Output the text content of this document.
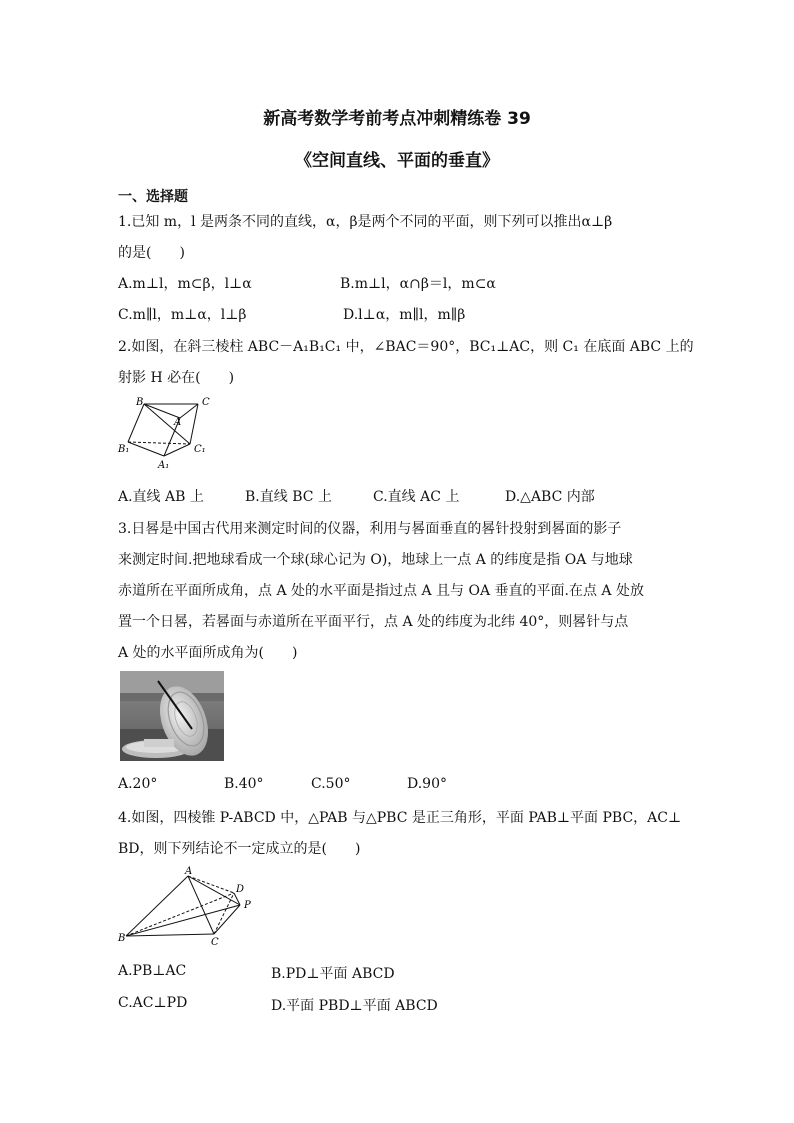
新高考数学考前考点冲刺精练卷 39
《空间直线、平面的垂直》
一、选择题
1.已知 m，l 是两条不同的直线，α，β是两个不同的平面，则下列可以推出α⊥β
的是(　　)
A.m⊥l，m⊂β，l⊥α	B.m⊥l，α∩β＝l，m⊂α
C.m∥l，m⊥α，l⊥β	D.l⊥α，m∥l，m∥β
2.如图，在斜三棱柱 ABC－A₁B₁C₁ 中，∠BAC＝90°，BC₁⊥AC，则 C₁ 在底面 ABC 上的
射影 H 必在(　　)
B	C
A
B₁	C₁
A₁
A.直线 AB 上	B.直线 BC 上	C.直线 AC 上	D.△ABC 内部
3.日晷是中国古代用来测定时间的仪器，利用与晷面垂直的晷针投射到晷面的影子
来测定时间.把地球看成一个球(球心记为 O)，地球上一点 A 的纬度是指 OA 与地球
赤道所在平面所成角，点 A 处的水平面是指过点 A 且与 OA 垂直的平面.在点 A 处放
置一个日晷，若晷面与赤道所在平面平行，点 A 处的纬度为北纬 40°，则晷针与点
A 处的水平面所成角为(　　)
A.20°	B.40°	C.50°	D.90°
4.如图，四棱锥 P-ABCD 中，△PAB 与△PBC 是正三角形，平面 PAB⊥平面 PBC，AC⊥
BD，则下列结论不一定成立的是(　　)
A
D
P
B	C
A.PB⊥AC	B.PD⊥平面 ABCD
C.AC⊥PD	D.平面 PBD⊥平面 ABCD
